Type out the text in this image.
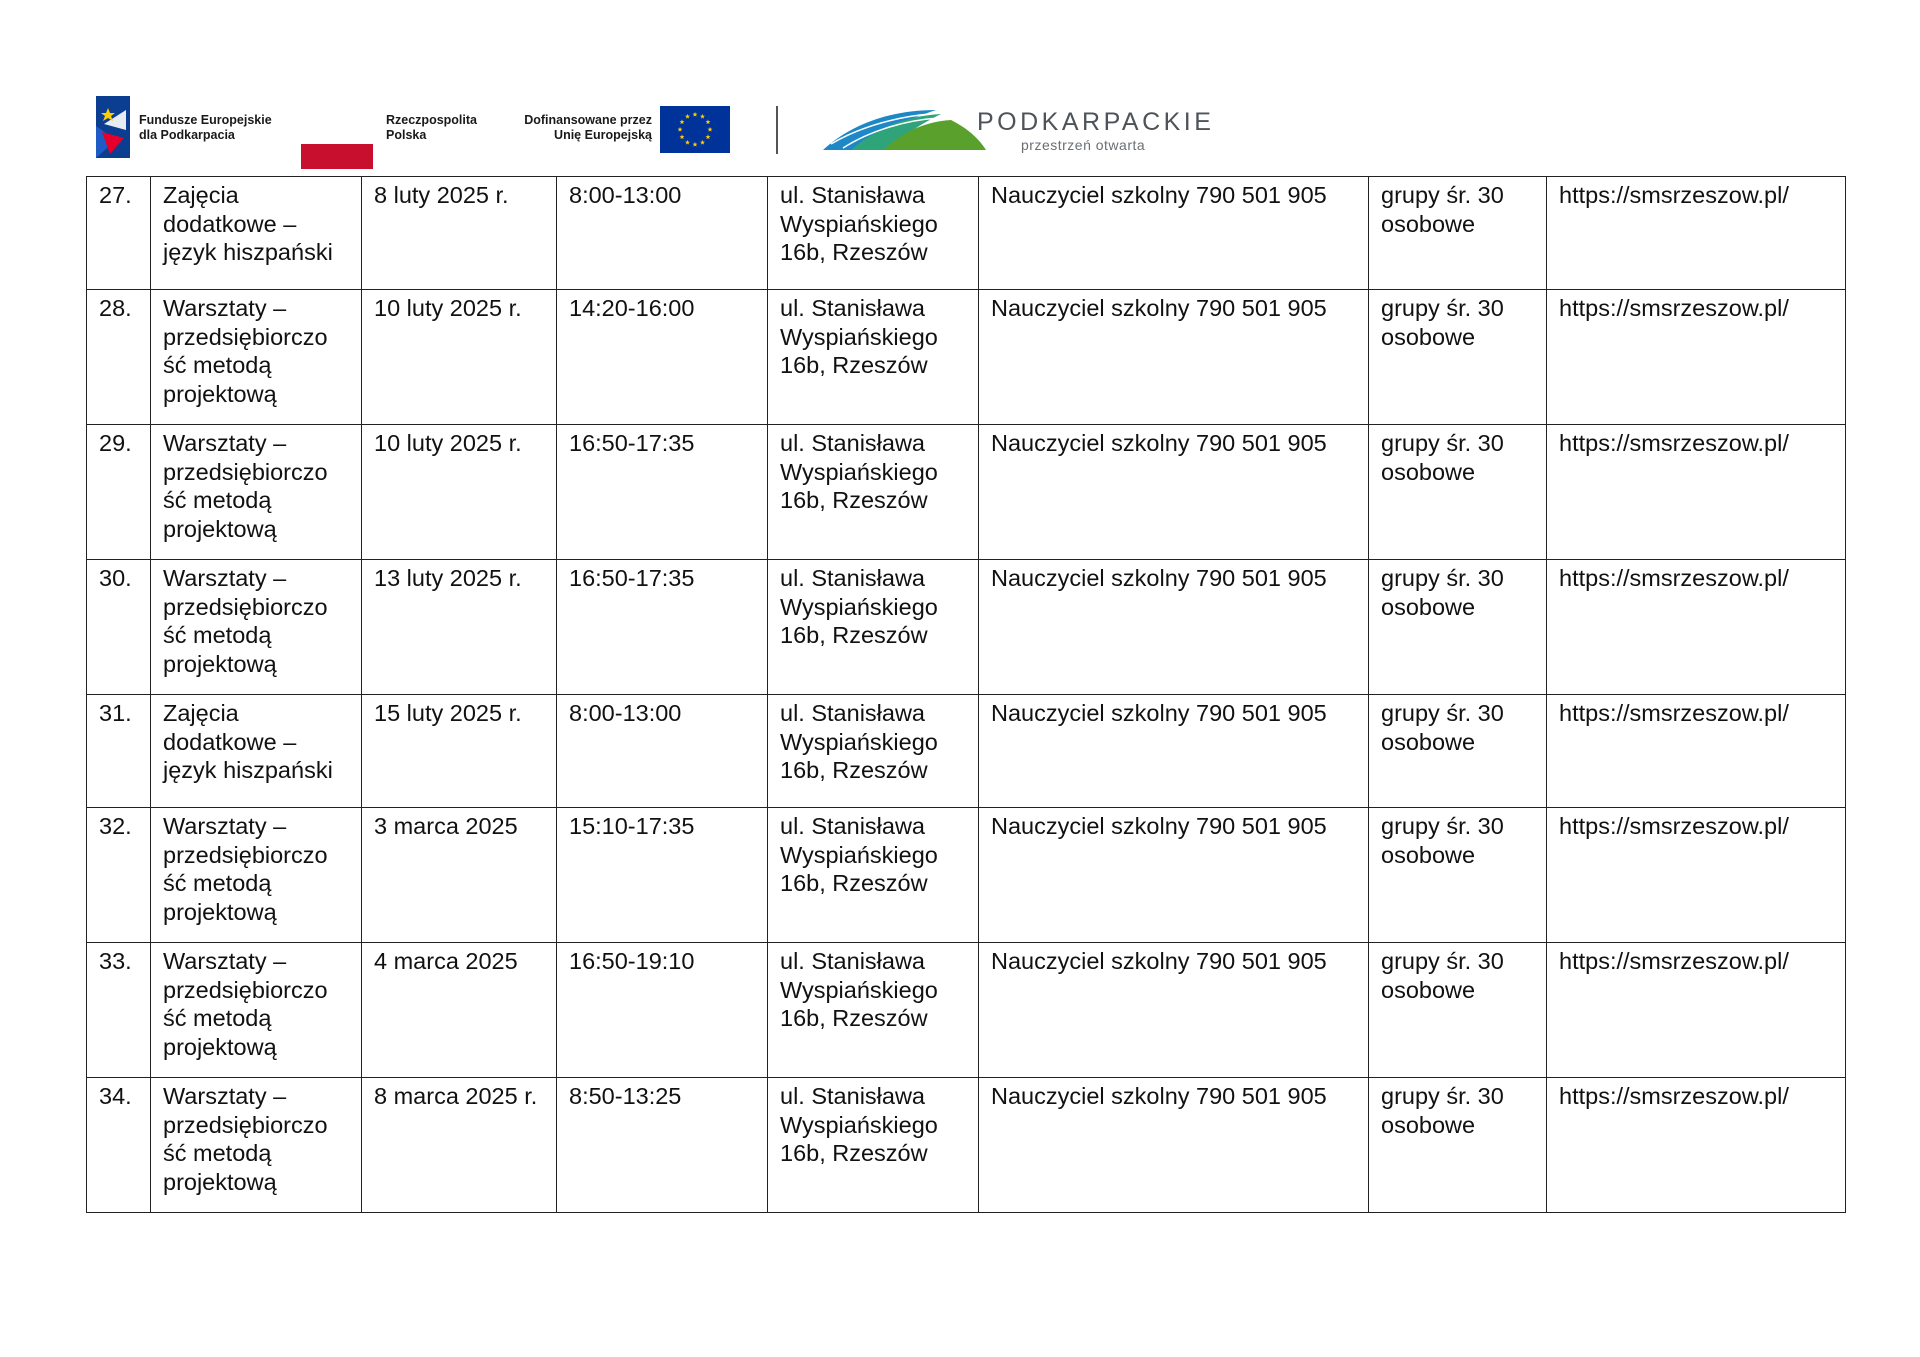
Fundusze Europejskie
dla Podkarpacia
Rzeczpospolita
Polska
Dofinansowane przez
Unię Europejską	PODKARPACKIE
przestrzeń otwarta
27.	Zajęcia dodatkowe – język hiszpański	8 luty 2025 r.	8:00-13:00	ul. Stanisława Wyspiańskiego 16b, Rzeszów	Nauczyciel szkolny 790 501 905	grupy śr. 30 osobowe	https://smsrzeszow.pl/
28.	Warsztaty – przedsiębiorczo ść metodą projektową	10 luty 2025 r.	14:20-16:00	ul. Stanisława Wyspiańskiego 16b, Rzeszów	Nauczyciel szkolny 790 501 905	grupy śr. 30 osobowe	https://smsrzeszow.pl/
29.	Warsztaty – przedsiębiorczo ść metodą projektową	10 luty 2025 r.	16:50-17:35	ul. Stanisława Wyspiańskiego 16b, Rzeszów	Nauczyciel szkolny 790 501 905	grupy śr. 30 osobowe	https://smsrzeszow.pl/
30.	Warsztaty – przedsiębiorczo ść metodą projektową	13 luty 2025 r.	16:50-17:35	ul. Stanisława Wyspiańskiego 16b, Rzeszów	Nauczyciel szkolny 790 501 905	grupy śr. 30 osobowe	https://smsrzeszow.pl/
31.	Zajęcia dodatkowe – język hiszpański	15 luty 2025 r.	8:00-13:00	ul. Stanisława Wyspiańskiego 16b, Rzeszów	Nauczyciel szkolny 790 501 905	grupy śr. 30 osobowe	https://smsrzeszow.pl/
32.	Warsztaty – przedsiębiorczo ść metodą projektową	3 marca 2025	15:10-17:35	ul. Stanisława Wyspiańskiego 16b, Rzeszów	Nauczyciel szkolny 790 501 905	grupy śr. 30 osobowe	https://smsrzeszow.pl/
33.	Warsztaty – przedsiębiorczo ść metodą projektową	4 marca 2025	16:50-19:10	ul. Stanisława Wyspiańskiego 16b, Rzeszów	Nauczyciel szkolny 790 501 905	grupy śr. 30 osobowe	https://smsrzeszow.pl/
34.	Warsztaty – przedsiębiorczo ść metodą projektową	8 marca 2025 r.	8:50-13:25	ul. Stanisława Wyspiańskiego 16b, Rzeszów	Nauczyciel szkolny 790 501 905	grupy śr. 30 osobowe	https://smsrzeszow.pl/
